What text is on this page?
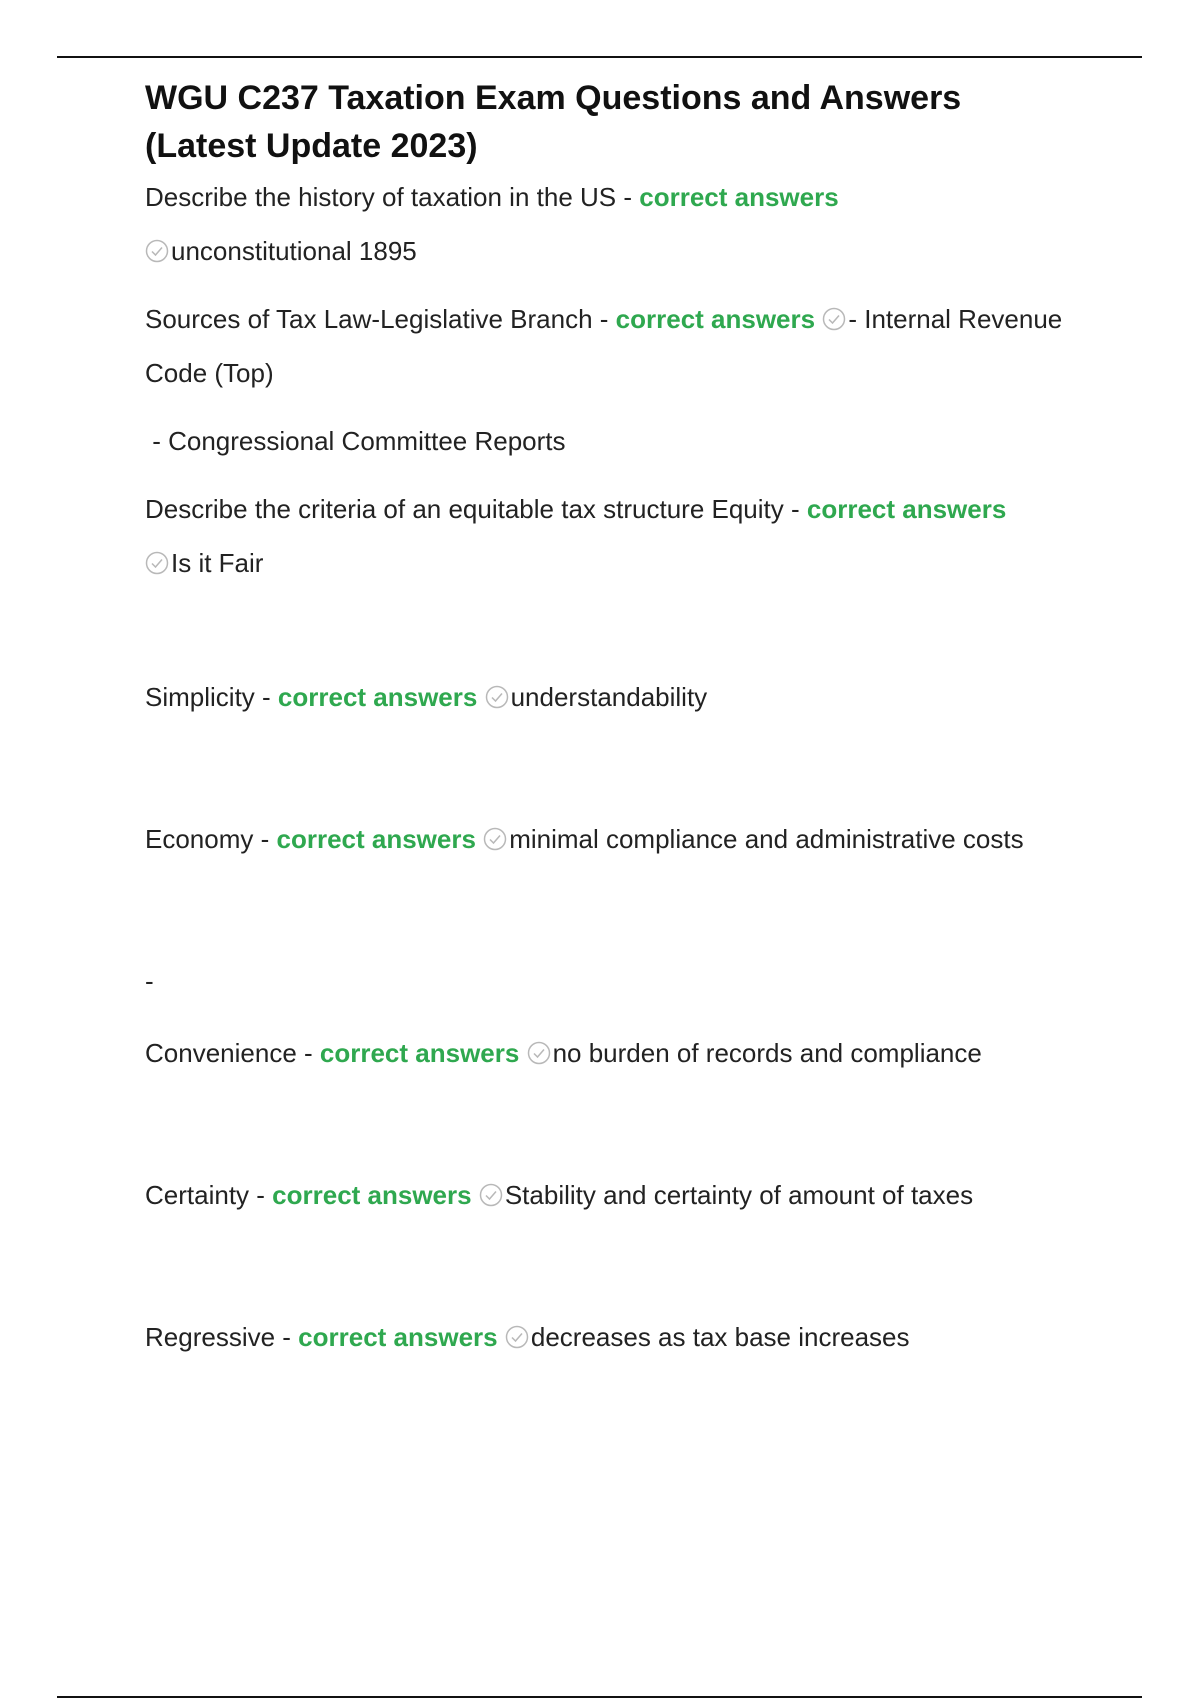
WGU C237 Taxation Exam Questions and Answers
(Latest Update 2023)

Describe the history of taxation in the US - correct answers

unconstitutional 1895

Sources of Tax Law-Legislative Branch - correct answers - Internal Revenue

Code (Top)

- Congressional Committee Reports

Describe the criteria of an equitable tax structure Equity - correct answers

Is it Fair

Simplicity - correct answers understandability

Economy - correct answers minimal compliance and administrative costs

-

Convenience - correct answers no burden of records and compliance

Certainty - correct answers Stability and certainty of amount of taxes

Regressive - correct answers decreases as tax base increases
